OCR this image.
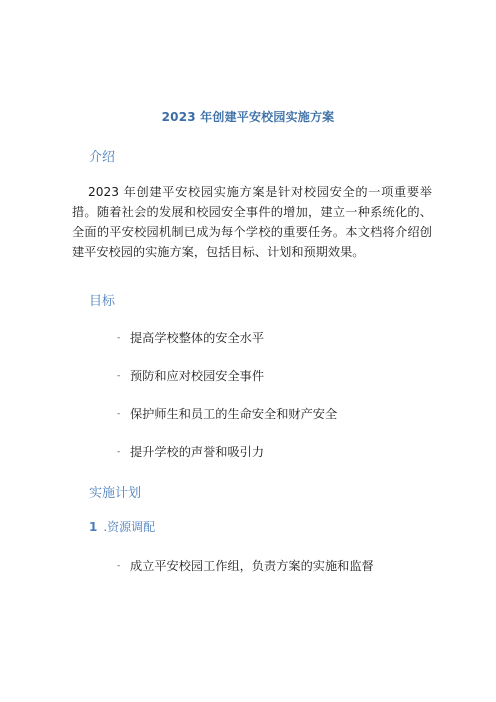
2023 年创建平安校园实施方案
介绍
2023 年创建平安校园实施方案是针对校园安全的一项重要举措。随着社会的发展和校园安全事件的增加，建立一种系统化的、全面的平安校园机制已成为每个学校的重要任务。本文档将介绍创建平安校园的实施方案，包括目标、计划和预期效果。
目标
- 提高学校整体的安全水平
- 预防和应对校园安全事件
- 保护师生和员工的生命安全和财产安全
- 提升学校的声誉和吸引力
实施计划
1 .资源调配
- 成立平安校园工作组，负责方案的实施和监督
